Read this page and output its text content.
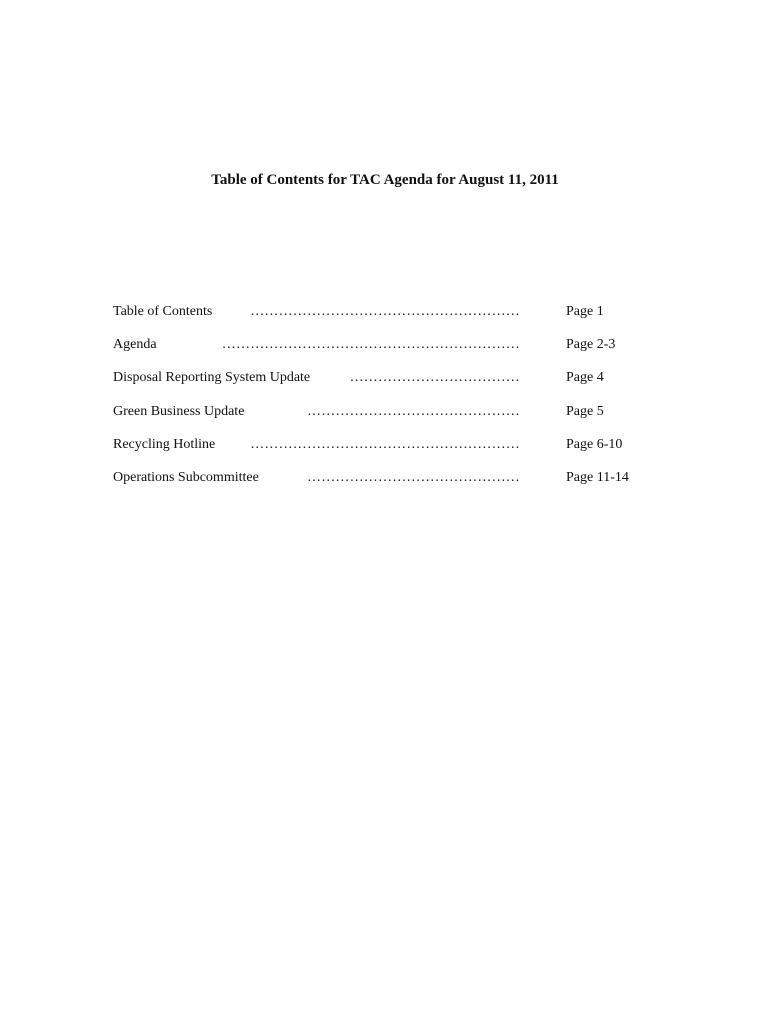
Table of Contents for TAC Agenda for August 11, 2011
Table of Contents	…………………………………………………	Page 1
Agenda	………………………………………………………	Page 2-3
Disposal Reporting System Update	………………………………	Page 4
Green Business Update	………………………………………	Page 5
Recycling Hotline …………………………………………………	Page 6-10
Operations Subcommittee	………………………………………	Page 11-14
